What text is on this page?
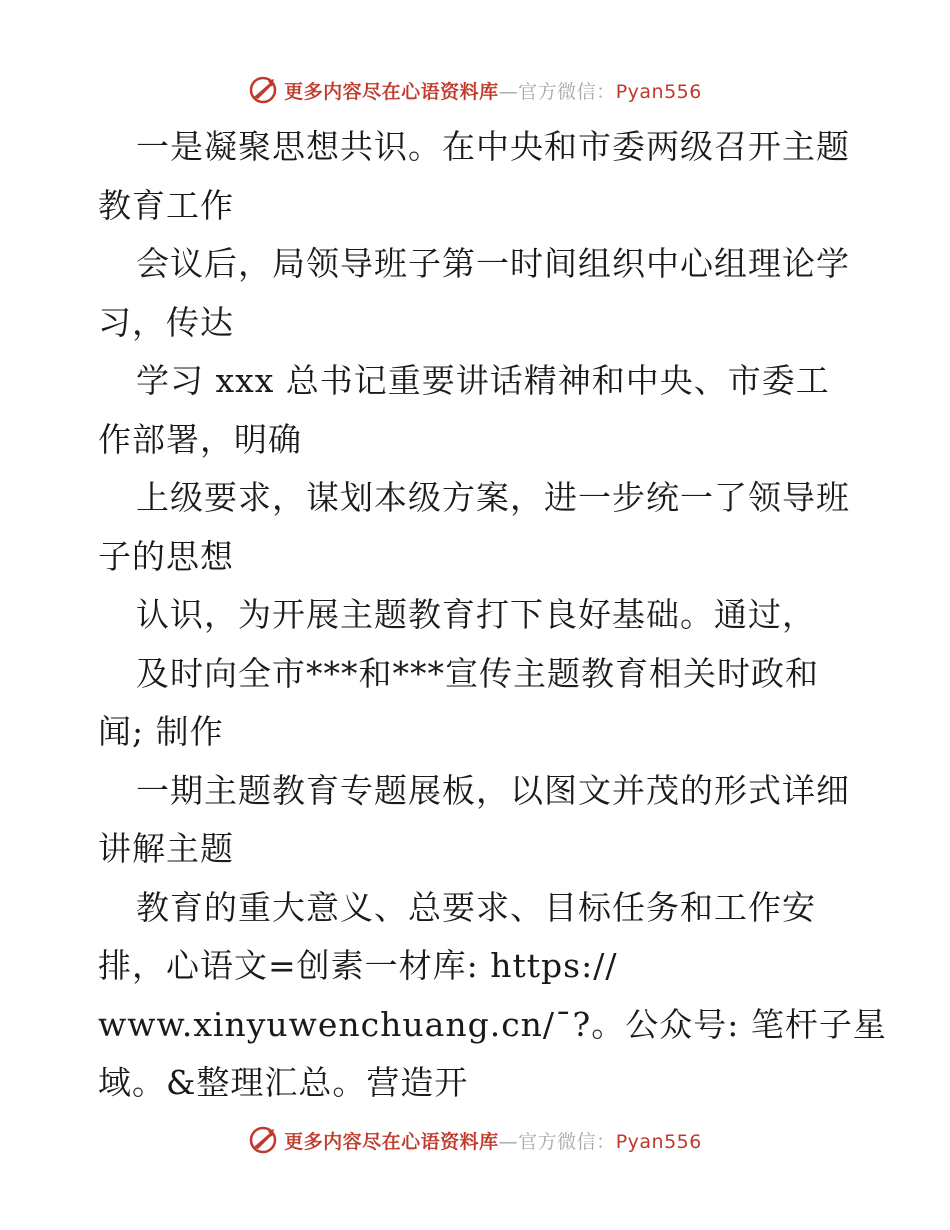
更多内容尽在心语资料库—官方微信：Pyan556
一是凝聚思想共识。在中央和市委两级召开主题
教育工作
会议后，局领导班子第一时间组织中心组理论学
习，传达
学习 xxx 总书记重要讲话精神和中央、市委工
作部署，明确
上级要求，谋划本级方案，进一步统一了领导班
子的思想
认识，为开展主题教育打下良好基础。通过，
及时向全市***和***宣传主题教育相关时政和
闻; 制作
一期主题教育专题展板，以图文并茂的形式详细
讲解主题
教育的重大意义、总要求、目标任务和工作安
排，心语文=创素一材库: https://
www.xinyuwenchuang.cn/¯?。公众号: 笔杆子星
域。&整理汇总。营造开
更多内容尽在心语资料库—官方微信：Pyan556
